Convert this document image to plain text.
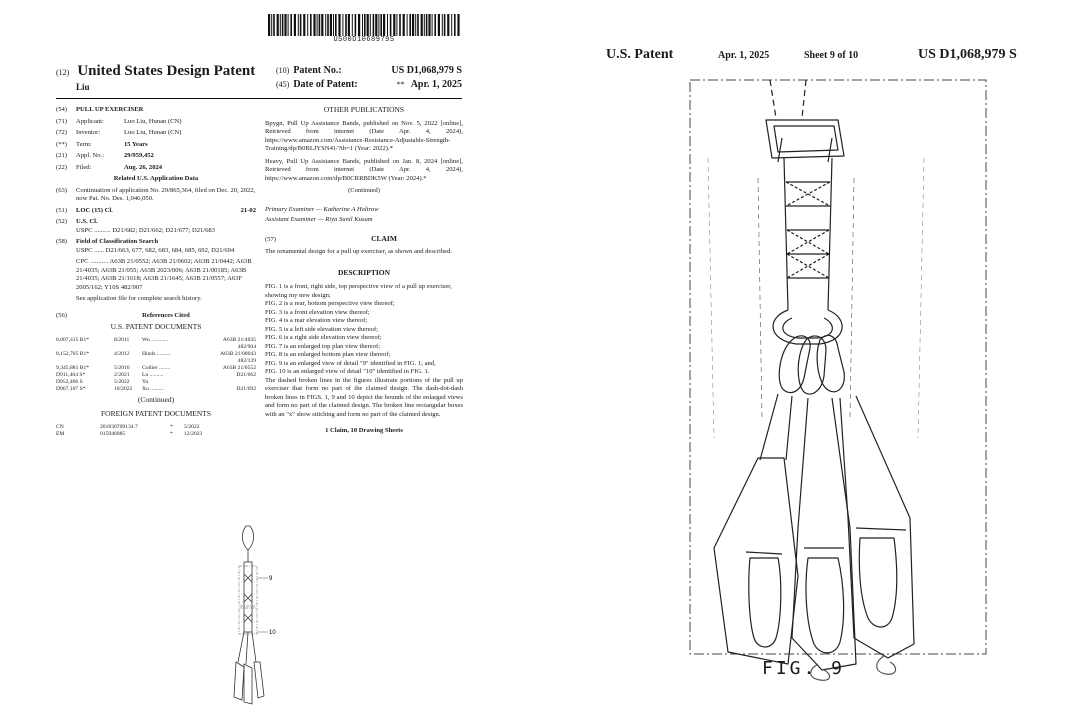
US00D1068979S
(12) United States Design Patent
Liu
(10) Patent No.:	US D1,068,979 S
(45) Date of Patent:	** Apr. 1, 2025
(54)	PULL UP EXERCISER
(71)	Applicant:	Luo Liu, Hunan (CN)
(72)	Inventor:	Luo Liu, Hunan (CN)
(**)	Term:	15 Years
(21)	Appl. No.:	29/959,452
(22)	Filed:	Aug. 26, 2024
Related U.S. Application Data
(63)	Continuation of application No. 29/865,364, filed on Dec. 20, 2022, now Pat. No. Des. 1,046,050.
(51)	LOC (15) Cl.	21-02
(52)	U.S. Cl.
USPC .......... D21/682; D21/662; D21/677; D21/683
(58)	Field of Classification Search
USPC ...... D21/663, 677, 682, 683, 684, 685, 692, D21/694
CPC ........... A63B 21/0552; A63B 21/0602; A63B 21/0442; A63B 21/4035; A63B 21/055; A63B 2023/006; A63B 21/00185; A63B 21/4035; A63B 21/1618; A63B 21/1645; A63B 21/0557; A63F 2005/162; Y10S 482/907
See application file for complete search history.
(56)	References Cited
U.S. PATENT DOCUMENTS
8,007,415 B1*	8/2011	Wu ............	A63B 21/4035 482/904
8,152,705 B1*	4/2012	Hinds ..........	A63B 21/00043 482/139
9,345,881 B1*	5/2016	Collier ........	A63B 21/0552
D911,464 S*	2/2021	Lu ..........	D21/662
D952,466 S	5/2022	Yu
D967,107 S*	10/2022	Xu ..........	D21/692
(Continued)
FOREIGN PATENT DOCUMENTS
CN	201830709134.7	*	5/2022
EM	015946085	*	12/2023
OTHER PUBLICATIONS

Bpygn, Pull Up Assistance Bands, published on Nov. 5, 2022 [online], Retrieved from internet (Date Apr. 4, 2024), https://www.amazon.com/Assistance-Resistance-Adjustable-Strength-Training/dp/B0BLJYSN41/?th=1 (Year: 2022).*

Heavy, Pull Up Assistance Bands, published on Jan. 8, 2024 [online], Retrieved from internet (Date Apr. 4, 2024), https://www.amazon.com/dp/B0CRRBDK5W (Year: 2024).*

(Continued)
Primary Examiner — Katherine A Holtrow
Assistant Examiner — Riya Sunil Kusum
(57)	CLAIM

The ornamental design for a pull up exerciser, as shown and described.

DESCRIPTION

FIG. 1 is a front, right side, top perspective view of a pull up exerciser, showing my new design;

FIG. 2 is a rear, bottom perspective view thereof;

FIG. 3 is a front elevation view thereof;

FIG. 4 is a rear elevation view thereof;

FIG. 5 is a left side elevation view thereof;

FIG. 6 is a right side elevation view thereof;

FIG. 7 is an enlarged top plan view thereof;

FIG. 8 is an enlarged bottom plan view thereof;

FIG. 9 is an enlarged view of detail "9" identified in FIG. 1; and,

FIG. 10 is an enlarged view of detail "10" identified in FIG. 1.

The dashed broken lines in the figures illustrate portions of the pull up exerciser that form no part of the claimed design. The dash-dot-dash broken lines in FIGS. 1, 9 and 10 depict the bounds of the enlarged views and form no part of the claimed design. The broken line rectangular boxes with an "x" show stitching and form no part of the claimed design.

1 Claim, 10 Drawing Sheets
9
10
U.S. Patent	Apr. 1, 2025	Sheet 9 of 10	US D1,068,979 S
FIG. 9
